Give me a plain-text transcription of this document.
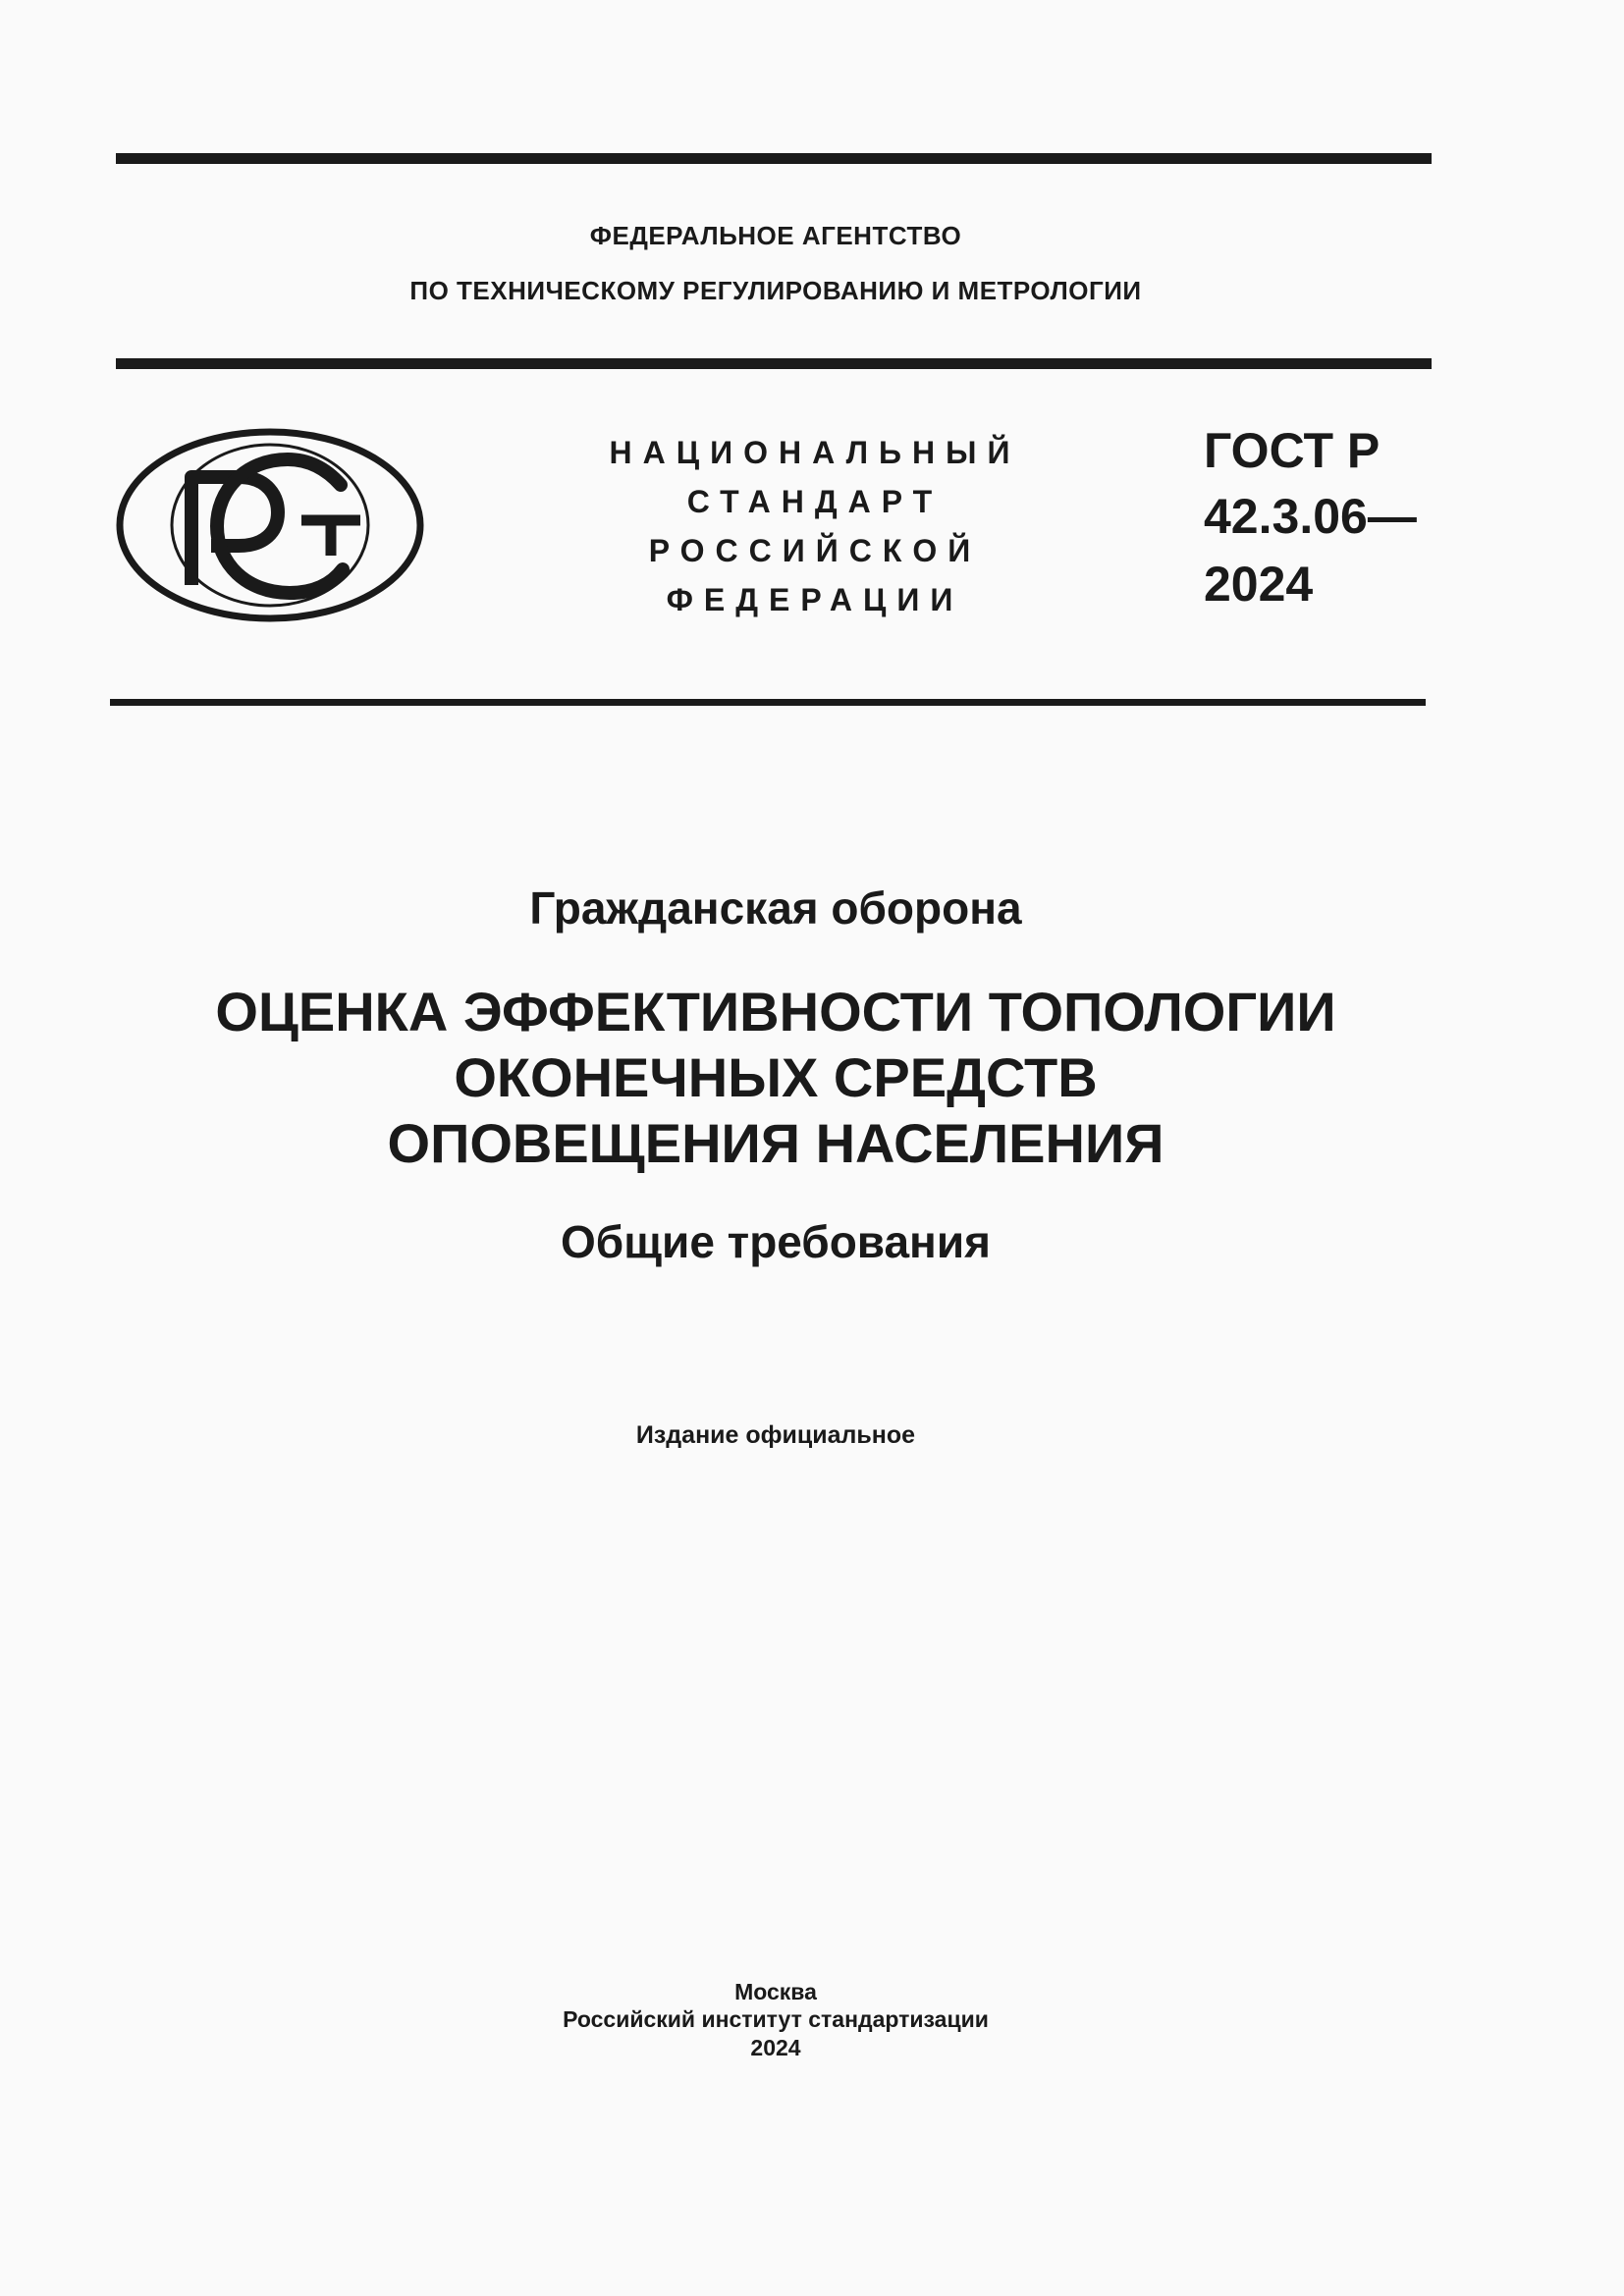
ФЕДЕРАЛЬНОЕ АГЕНТСТВО
ПО ТЕХНИЧЕСКОМУ РЕГУЛИРОВАНИЮ И МЕТРОЛОГИИ
НАЦИОНАЛЬНЫЙ
СТАНДАРТ
РОССИЙСКОЙ
ФЕДЕРАЦИИ
ГОСТ Р
42.3.06—
2024
Гражданская оборона
ОЦЕНКА ЭФФЕКТИВНОСТИ ТОПОЛОГИИ
ОКОНЕЧНЫХ СРЕДСТВ
ОПОВЕЩЕНИЯ НАСЕЛЕНИЯ
Общие требования
Издание официальное
Москва
Российский институт стандартизации
2024
